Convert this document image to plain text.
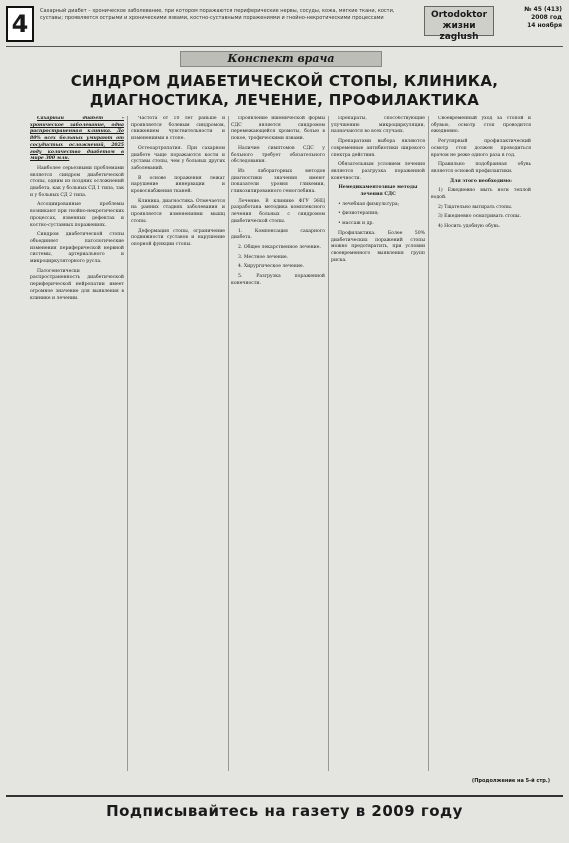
4	Сахарный диабет – хроническое заболевание, при котором поражаются периферические нервы, сосуды, кожа, мягкие ткани, кости, суставы; проявляется острыми и хроническими язвами, костно-суставными поражениями и гнойно-некротическими процессами	Ortodoktor жизни zaglush
№ 45 (413)
2008 год
14 ноября
Конспект врача
СИНДРОМ ДИАБЕТИЧЕСКОЙ СТОПЫ, КЛИНИКА, ДИАГНОСТИКА, ЛЕЧЕНИЕ, ПРОФИЛАКТИКА

Сахарный диабет – хроническое заболевание, одна распространенная клиника. До 80% всех больных умирают от сосудистых осложнений, 2025 году количество диабетом в мире 300 млн.

Наиболее серьезными проблемами является синдром диабетической стопы, одним из поздних осложнений диабета, как у больных СД 1 типа, так и у больных СД 2 типа.

Ассоциированные проблемы возникают при гнойно-некротических процессах, язвенных дефектах и костно-суставных поражениях.

Синдром диабетической стопы объединяет патологические изменения периферической нервной системы, артериального и микроциркуляторного русла.

Патогенетически распространенность диабетической периферической нейропатии имеет огромное значение для выявления в клинике и лечении.

Частота от 10 лет раньше и проявляется болевым синдромом, снижением чувствительности и изменениями в стопе.

Остеоартропатия. При сахарном диабете чаще поражаются кости и суставы стопы, чем у больных других заболеваний.

В основе поражения лежат нарушение иннервации и кровоснабжения тканей.

Клиника, диагностика. Отмечается на ранних стадиях заболевания и проявляется изменениями мышц стопы.

Деформация стопы, ограничение подвижности суставов и нарушение опорной функции стопы.

Проявление ишемической формы СДС является синдромом перемежающейся хромоты, болью в покое, трофическими язвами.

Наличие симптомов СДС у больного требует обязательного обследования.

Из лабораторных методов диагностики значения имеют показатели уровня гликемии, гликозилированного гемоглобина.

Лечение. В клинике ФГУ ЭНЦ разработана методика комплексного лечения больных с синдромом диабетической стопы.

1. Компенсация сахарного диабета.

2. Общее лекарственное лечение.

3. Местное лечение.

4. Хирургическое лечение.

5. Разгрузка пораженной конечности.

Препараты, способствующие улучшению микроциркуляции, назначаются во всех случаях.

Препаратами выбора являются современные антибиотики широкого спектра действия.

Обязательным условием лечения является разгрузка пораженной конечности.

Немедикаментозные методы лечения СДС

• лечебная физкультура;

• физиотерапия;

• массаж и др.

Профилактика. Более 50% диабетических поражений стопы можно предотвратить, при условии своевременного выявления групп риска.

Своевременный уход за стопой и обувью, осмотр стоп проводится ежедневно.

Регулярный профилактический осмотр стоп должен проводиться врачом не реже одного раза в год.

Правильно подобранная обувь является основой профилактики.

Для этого необходимо:

1) Ежедневно мыть ноги теплой водой.

2) Тщательно вытирать стопы.

3) Ежедневно осматривать стопы.

4) Носить удобную обувь.

(Продолжение на 5-й стр.)
Подписывайтесь на газету в 2009 году
